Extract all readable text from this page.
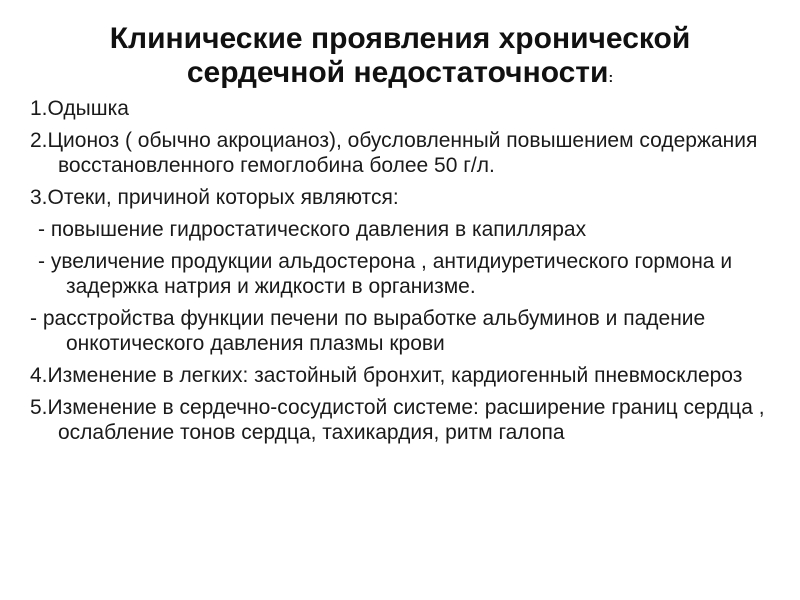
Клинические проявления хронической
сердечной недостаточности:
1.Одышка
2.Ционоз ( обычно акроцианоз), обусловленный повышением содержания восстановленного гемоглобина более 50 г/л.
3.Отеки, причиной которых являются:
- повышение гидростатического давления в капиллярах
- увеличение продукции альдостерона , антидиуретического гормона и задержка натрия и жидкости в организме.
- расстройства функции печени по выработке альбуминов и падение онкотического давления плазмы крови
4.Изменение в легких: застойный бронхит, кардиогенный пневмосклероз
5.Изменение в сердечно-сосудистой системе: расширение границ сердца , ослабление тонов сердца, тахикардия, ритм галопа
